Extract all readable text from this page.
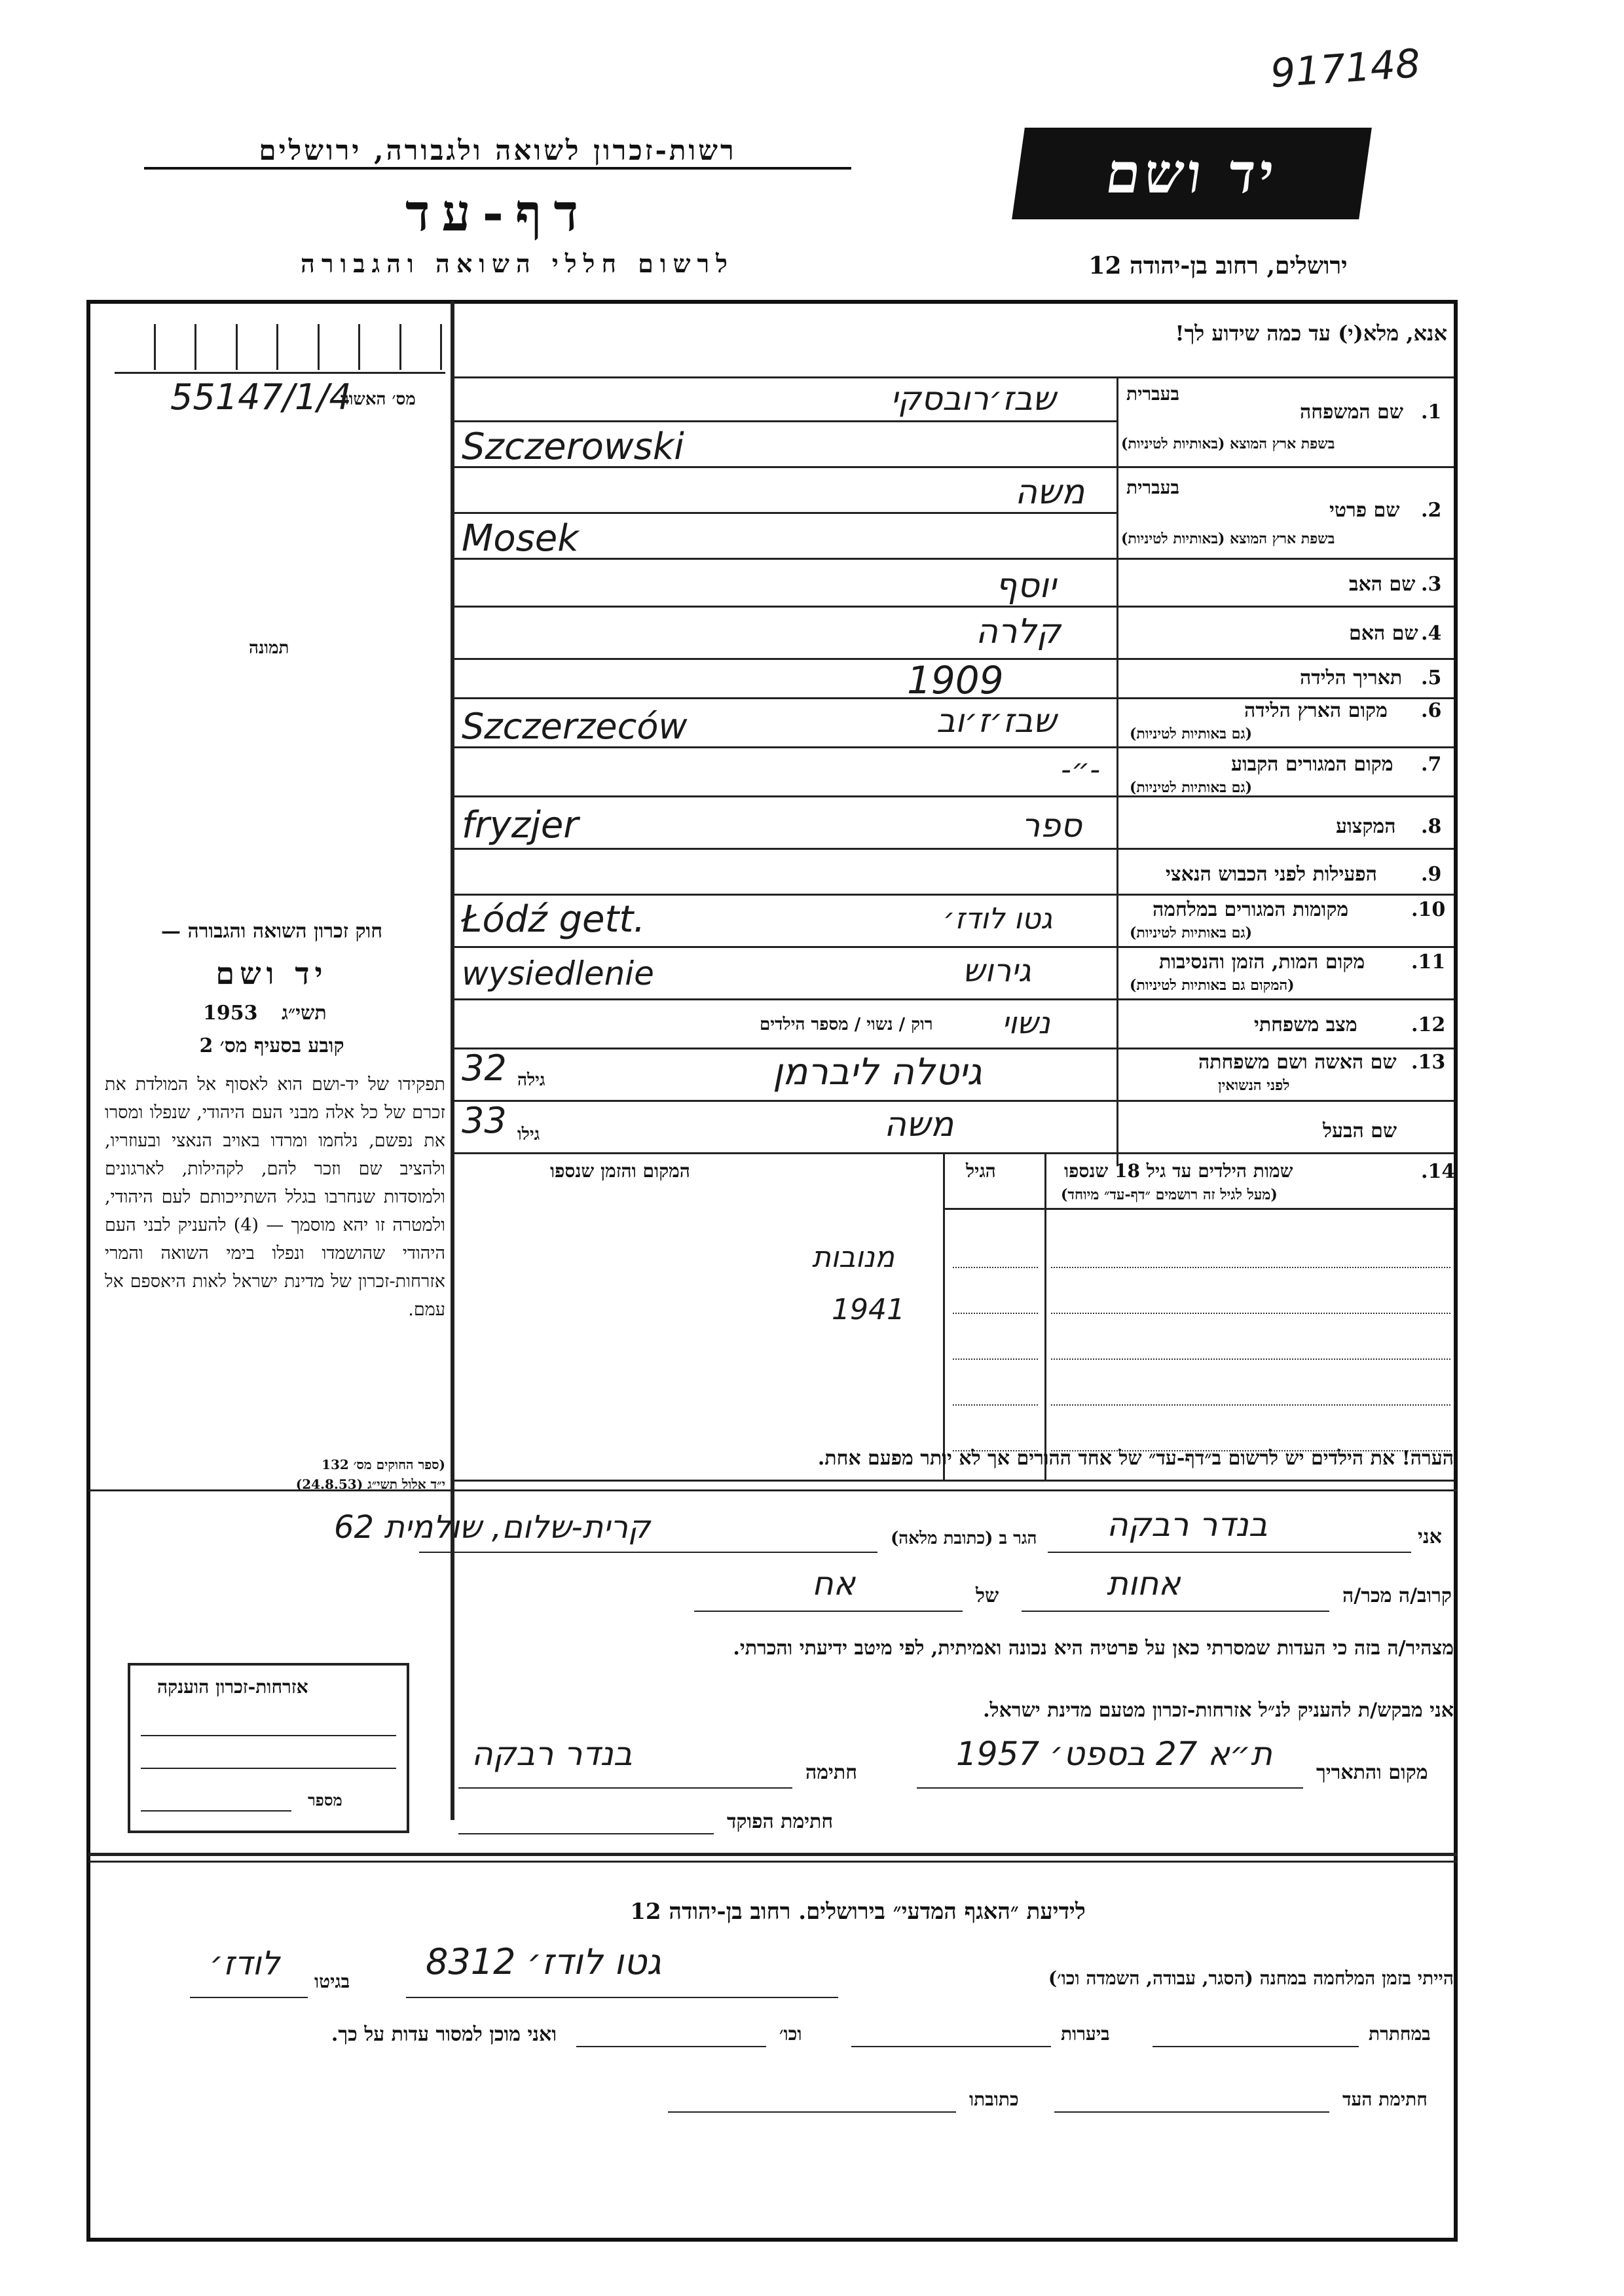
917148
רשות-זכרון לשואה ולגבורה, ירושלים
דף-עד
לרשום חללי השואה והגבורה
יד ושם
ירושלים, רחוב בן-יהודה 12
אנא, מלא(י) עד כמה שידוע לך!
מס׳ האשור
55147/1/4
תמונה
חוק זכרון השואה והגבורה —
יד ושם
תשי״ג
1953
קובע בסעיף מס׳ 2
תפקידו של יד-ושם הוא לאסוף אל המולדת את זכרם של כל אלה מבני העם היהודי, שנפלו ומסרו את נפשם, נלחמו ומרדו באויב הנאצי ובעוזריו, ולהציב שם וזכר להם, לקהילות, לארגונים ולמוסדות שנחרבו בגלל השתייכותם לעם היהודי, ולמטרה זו יהא מוסמך — (4) להעניק לבני העם היהודי שהושמדו ונפלו בימי השואה והמרי אזרחות-זכרון של מדינת ישראל לאות היאספם אל עמם.
(ספר החוקים מס׳ 132
י״ד אלול תשי״ג (24.8.53)
1.
שם המשפחה
בעברית
בשפת ארץ המוצא (באותיות לטיניות)
שבז׳רובסקי
Szczerowski
2.
שם פרטי
בעברית
בשפת ארץ המוצא (באותיות לטיניות)
משה
Mosek
3.
שם האב
יוסף
4.
שם האם
קלרה
5.
תאריך הלידה
1909
6.
מקום הארץ הלידה
(גם באותיות לטיניות)
שבז׳ז׳וב
Szczerzeców
7.
מקום המגורים הקבוע
(גם באותיות לטיניות)
-״-
8.
המקצוע
ספר
fryzjer
9.
הפעילות לפני הכבוש הנאצי
10.
מקומות המגורים במלחמה
(גם באותיות לטיניות)
גטו לודז׳
Łódź gett.
11.
מקום המות, הזמן והנסיבות
(המקום גם באותיות לטיניות)
גירוש
wysiedlenie
12.
מצב משפחתי
רוק / נשוי / מספר הילדים נשוי
13.
שם האשה ושם משפחתה
לפני הנשואין
גיטלה ליברמן
גילה
32
שם הבעל
משה
גילו
33
14.
שמות הילדים עד גיל 18 שנספו
(מעל לגיל זה רושמים ״דף-עד״ מיוחד)
הגיל
המקום והזמן שנספו
מנובות
1941
הערה! את הילדים יש לרשום ב״דף-עד״ של אחד ההורים אך לא יותר מפעם אחת.
אני
בנדר רבקה
הגר ב (כתובת מלאה)
קרית-שלום, שולמית 62
קרוב/ה מכר/ה
אחות
של
אח
מצהיר/ה בזה כי העדות שמסרתי כאן על פרטיה היא נכונה ואמיתית, לפי מיטב ידיעתי והכרתי.
אני מבקש/ת להעניק לנ״ל אזרחות-זכרון מטעם מדינת ישראל.
מקום והתאריך
ת״א 27 בספט׳ 1957
חתימה
בנדר רבקה
חתימת הפוקד
אזרחות-זכרון הוענקה
מספר
לידיעת ״האגף המדעי״ בירושלים. רחוב בן-יהודה 12
הייתי בזמן המלחמה במחנה (הסגר, עבודה, השמדה וכו׳)
גטו לודז׳ 8312
בגיטו
לודז׳
במחתרת
ביערות
וכו׳
ואני מוכן למסור עדות על כך.
חתימת העד
כתובתו
